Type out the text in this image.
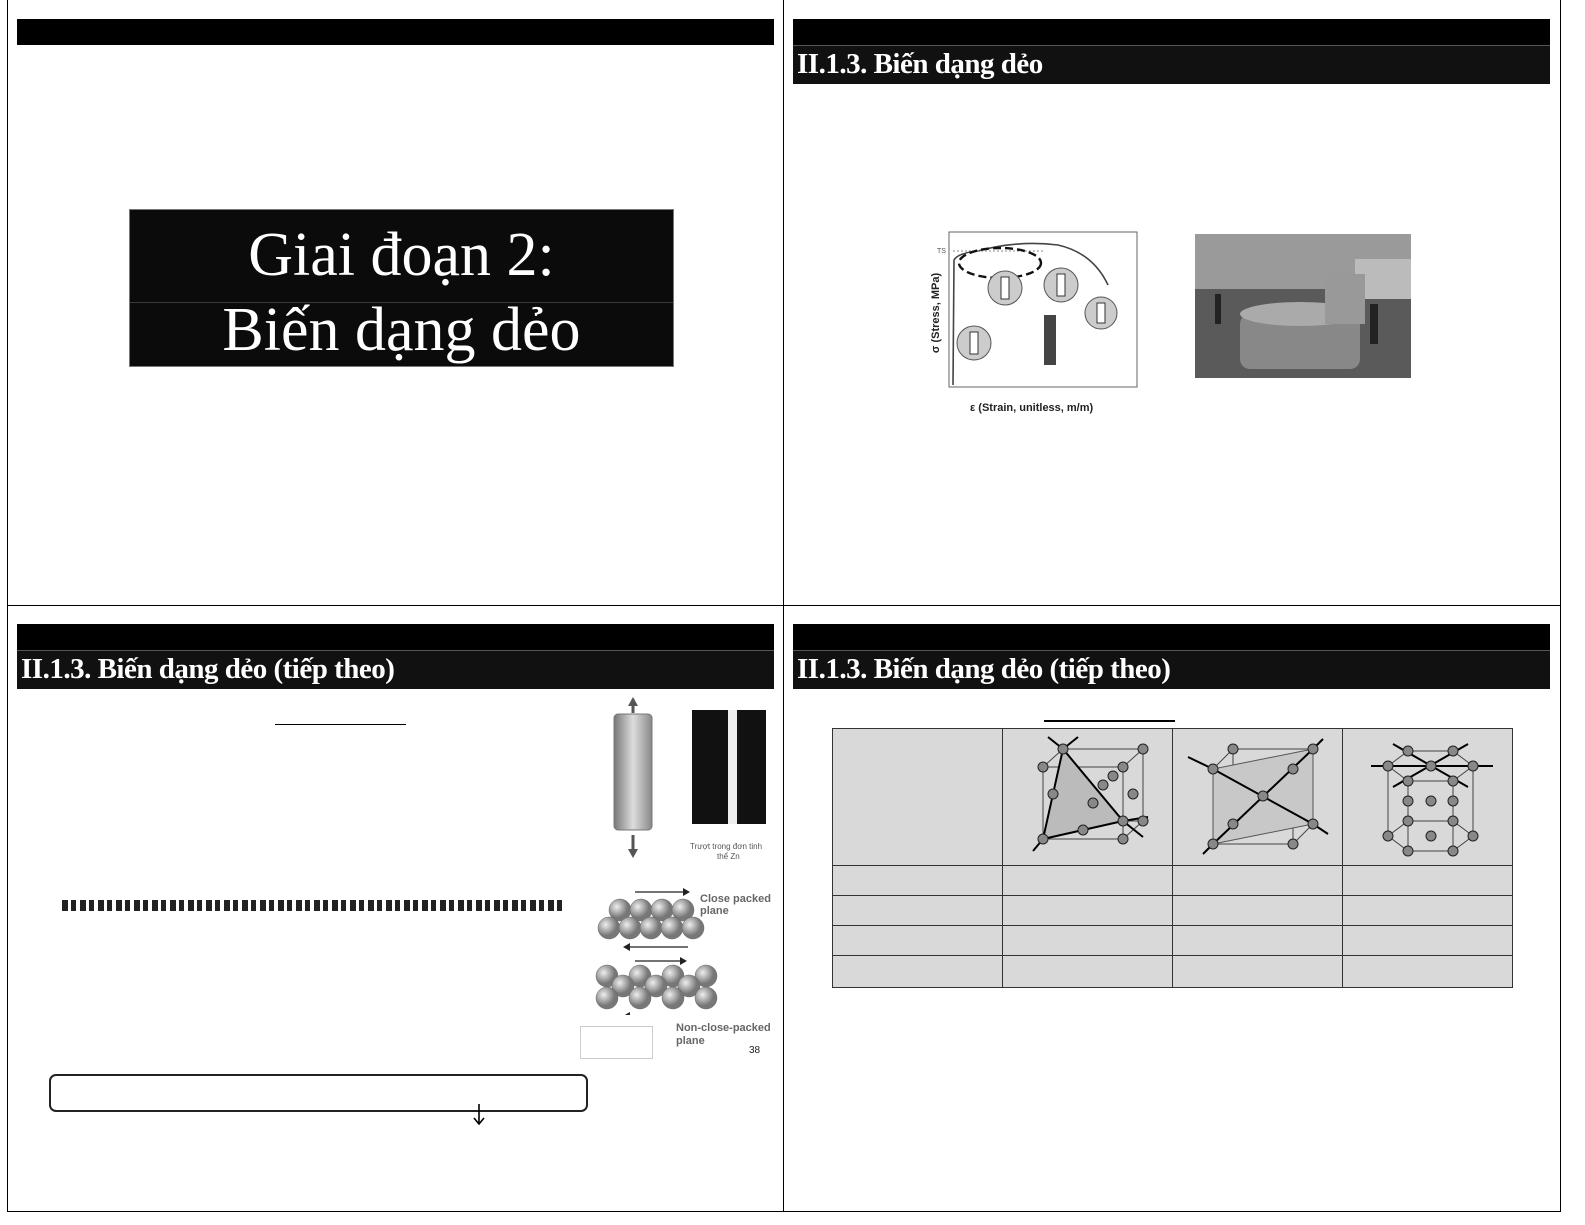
Giai đoạn 2:
Biến dạng dẻo
II.1.3. Biến dạng dẻo
TS
σ (Stress, MPa)
ε (Strain, unitless, m/m)
II.1.3. Biến dạng dẻo (tiếp theo)
Trượt trong đơn tinh
thể Zn
Close packed
plane
Non-close-packed
plane
38
II.1.3. Biến dạng dẻo (tiếp theo)
